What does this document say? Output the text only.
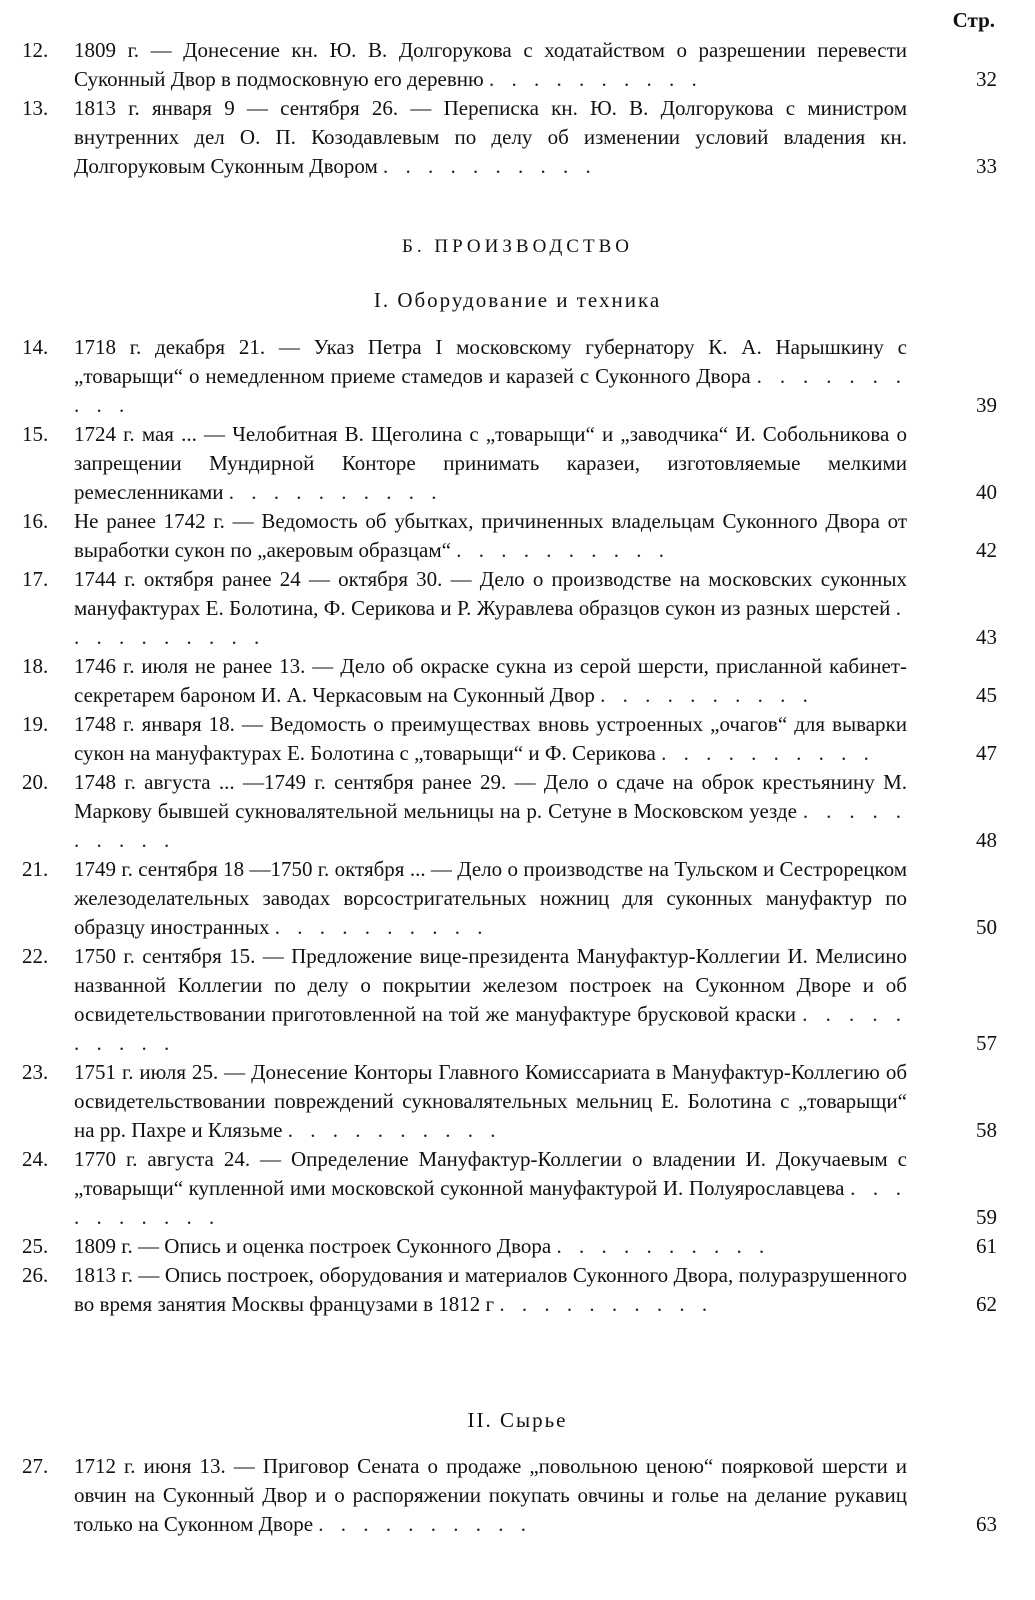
Стр.
12.	1809 г. — Донесение кн. Ю. В. Долгорукова с ходатайством о разрешении перевести Суконный Двор в подмосковную его деревню . . . . . . . . . .	32
13.	1813 г. января 9 — сентября 26. — Переписка кн. Ю. В. Долгорукова с министром внутренних дел О. П. Козодавлевым по делу об изменении условий владения кн. Долгоруковым Суконным Двором . . . . . . . . . .	33
Б. ПРОИЗВОДСТВО
I. Оборудование и техника
14.	1718 г. декабря 21. — Указ Петра I московскому губернатору К. А. Нарышкину с „товарыщи“ о немедленном приеме стамедов и каразей с Суконного Двора . . . . . . . . . .	39
15.	1724 г. мая ... — Челобитная В. Щеголина с „товарыщи“ и „заводчика“ И. Собольникова о запрещении Мундирной Конторе принимать каразеи, изготовляемые мелкими ремесленниками . . . . . . . . . .	40
16.	Не ранее 1742 г. — Ведомость об убытках, причиненных владельцам Суконного Двора от выработки сукон по „акеровым образцам“ . . . . . . . . . .	42
17.	1744 г. октября ранее 24 — октября 30. — Дело о производстве на московских суконных мануфактурах Е. Болотина, Ф. Серикова и Р. Журавлева образцов сукон из разных шерстей . . . . . . . . . .	43
18.	1746 г. июля не ранее 13. — Дело об окраске сукна из серой шерсти, присланной кабинет-секретарем бароном И. А. Черкасовым на Суконный Двор . . . . . . . . . .	45
19.	1748 г. января 18. — Ведомость о преимуществах вновь устроенных „очагов“ для выварки сукон на мануфактурах Е. Болотина с „товарыщи“ и Ф. Серикова . . . . . . . . . .	47
20.	1748 г. августа ... —1749 г. сентября ранее 29. — Дело о сдаче на оброк крестьянину М. Маркову бывшей сукновалятельной мельницы на р. Сетуне в Московском уезде . . . . . . . . . .	48
21.	1749 г. сентября 18 —1750 г. октября ... — Дело о производстве на Тульском и Сестрорецком железоделательных заводах ворсостригательных ножниц для суконных мануфактур по образцу иностранных . . . . . . . . . .	50
22.	1750 г. сентября 15. — Предложение вице-президента Мануфактур-Коллегии И. Мелисино названной Коллегии по делу о покрытии железом построек на Суконном Дворе и об освидетельствовании приготовленной на той же мануфактуре брусковой краски . . . . . . . . . .	57
23.	1751 г. июля 25. — Донесение Конторы Главного Комиссариата в Мануфактур-Коллегию об освидетельствовании повреждений сукновалятельных мельниц Е. Болотина с „товарыщи“ на рр. Пахре и Клязьме . . . . . . . . . .	58
24.	1770 г. августа 24. — Определение Мануфактур-Коллегии о владении И. Докучаевым с „товарыщи“ купленной ими московской суконной мануфактурой И. Полуярославцева . . . . . . . . . .	59
25.	1809 г. — Опись и оценка построек Суконного Двора . . . . . . . . . .	61
26.	1813 г. — Опись построек, оборудования и материалов Суконного Двора, полуразрушенного во время занятия Москвы французами в 1812 г . . . . . . . . . .	62
II. Сырье
27.	1712 г. июня 13. — Приговор Сената о продаже „повольною ценою“ поярковой шерсти и овчин на Суконный Двор и о распоряжении покупать овчины и голье на делание рукавиц только на Суконном Дворе . . . . . . . . . .	63
